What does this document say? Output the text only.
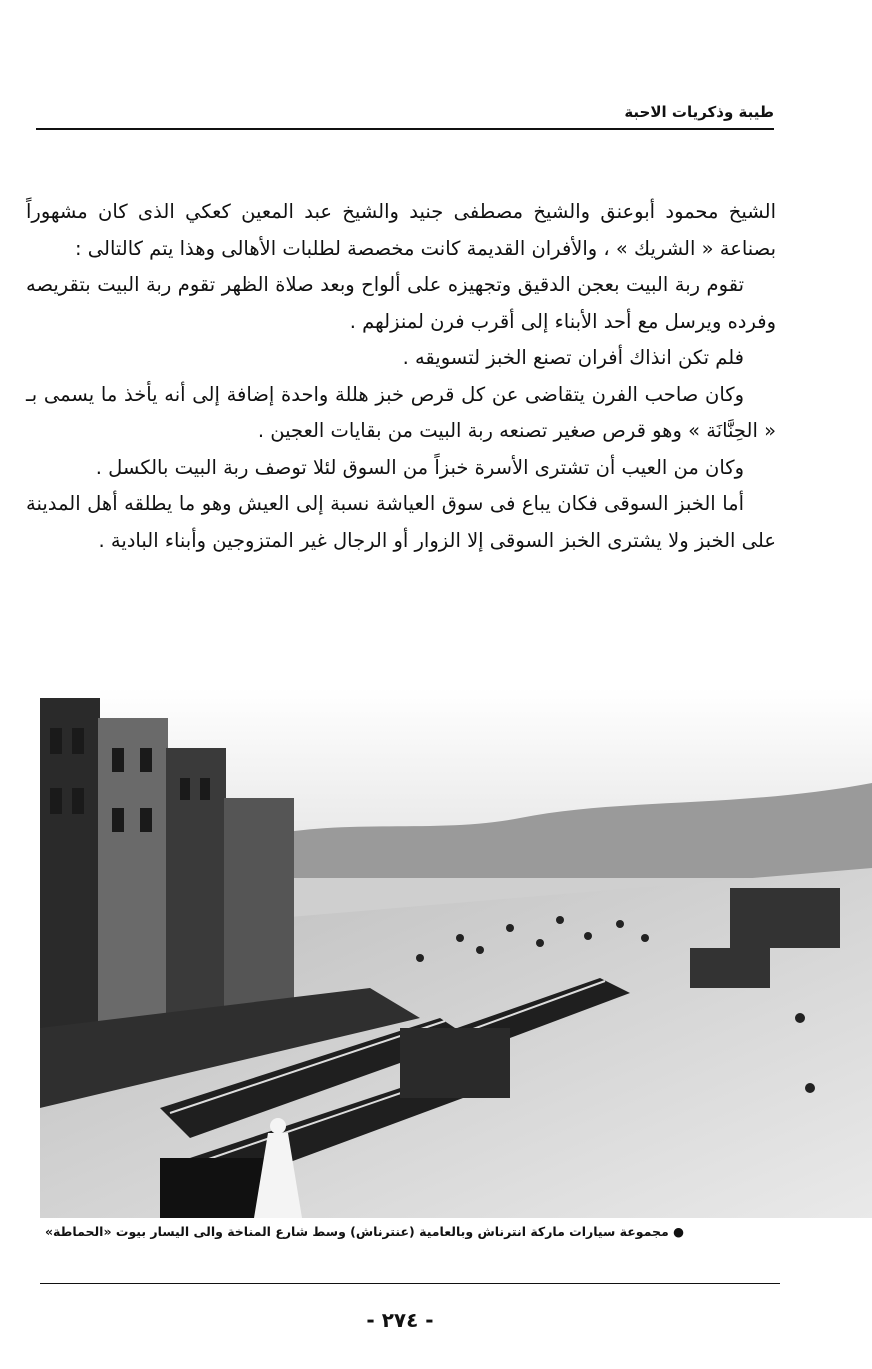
طيبة وذكريات الاحبة

الشيخ محمود أبوعنق والشيخ مصطفى جنيد والشيخ عبد المعين كعكي الذى كان مشهوراً بصناعة « الشريك » ، والأفران القديمة كانت مخصصة لطلبات الأهالى وهذا يتم كالتالى :

تقوم ربة البيت بعجن الدقيق وتجهيزه على ألواح وبعد صلاة الظهر تقوم ربة البيت بتقريصه وفرده ويرسل مع أحد الأبناء إلى أقرب فرن لمنزلهم .

فلم تكن انذاك أفران تصنع الخبز لتسويقه .

وكان صاحب الفرن يتقاضى عن كل قرص خبز هللة واحدة إضافة إلى أنه يأخذ ما يسمى بـ « الحِنَّانَة » وهو قرص صغير تصنعه ربة البيت من بقايات العجين .

وكان من العيب أن تشترى الأسرة خبزاً من السوق لئلا توصف ربة البيت بالكسل .

أما الخبز السوقى فكان يباع فى سوق العياشة نسبة إلى العيش وهو ما يطلقه أهل المدينة على الخبز ولا يشترى الخبز السوقى إلا الزوار أو الرجال غير المتزوجين وأبناء البادية .

● مجموعة سيارات ماركة انترناش وبالعامية (عنترناش) وسط شارع المناخة والى اليسار بيوت «الحماطة»
- ٢٧٤ -
